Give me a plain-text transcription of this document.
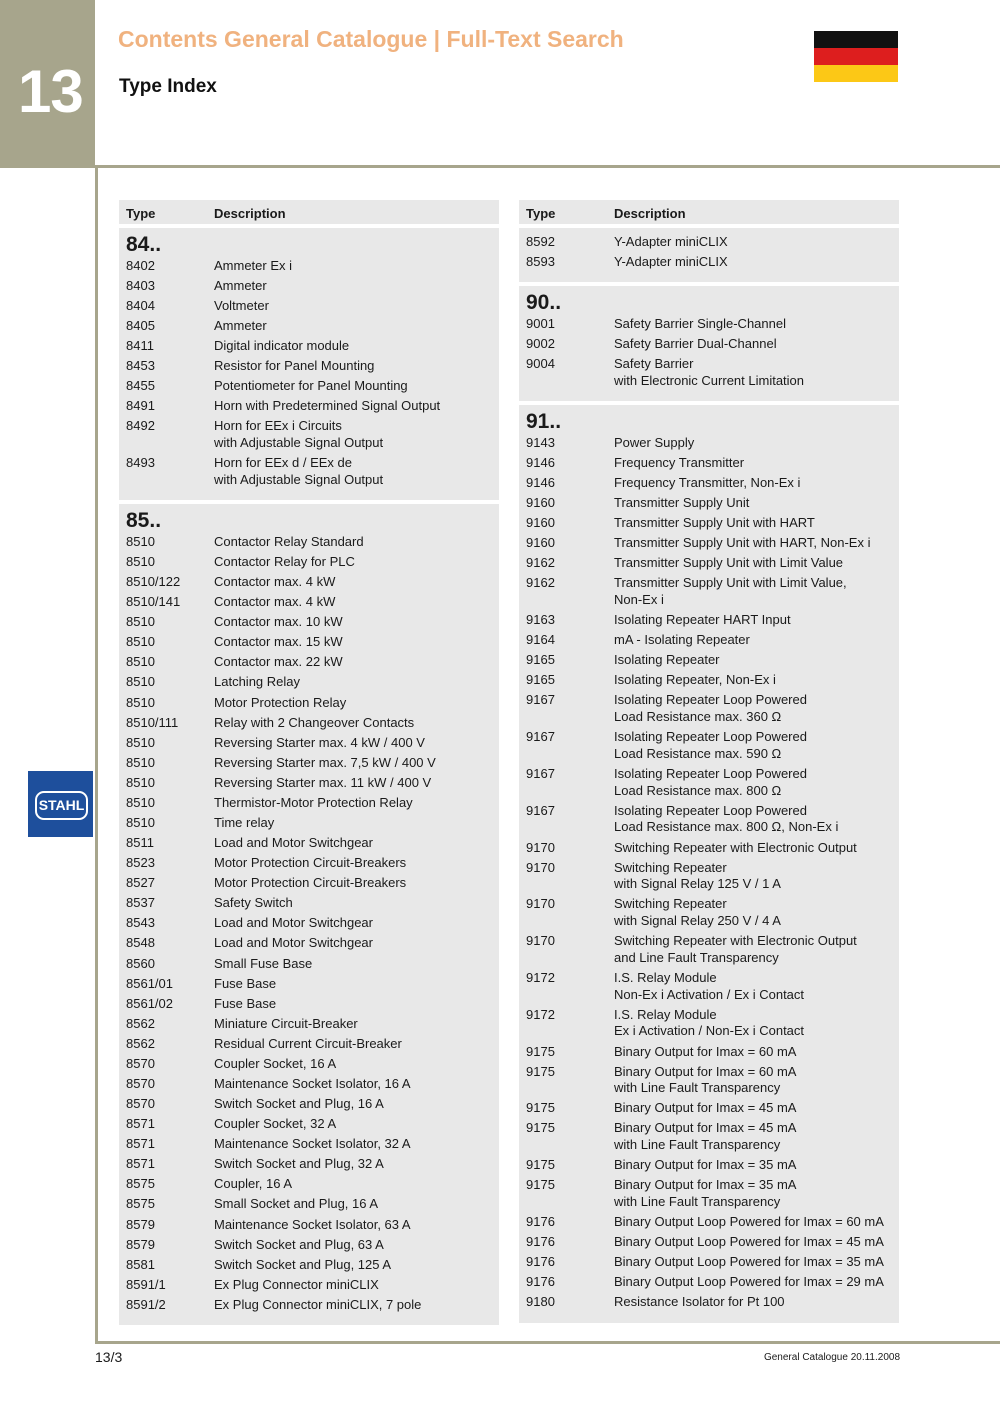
13
Contents General Catalogue | Full-Text Search
Type Index
STAHL
Type	Description
84..
8402	Ammeter Ex i
8403	Ammeter
8404	Voltmeter
8405	Ammeter
8411	Digital indicator module
8453	Resistor for Panel Mounting
8455	Potentiometer for Panel Mounting
8491	Horn with Predetermined Signal Output
8492	Horn for EEx i Circuits
with Adjustable Signal Output
8493	Horn for EEx d / EEx de
with Adjustable Signal Output
85..
8510	Contactor Relay Standard
8510	Contactor Relay for PLC
8510/122	Contactor max. 4 kW
8510/141	Contactor max. 4 kW
8510	Contactor max. 10 kW
8510	Contactor max. 15 kW
8510	Contactor max. 22 kW
8510	Latching Relay
8510	Motor Protection Relay
8510/111	Relay with 2 Changeover Contacts
8510	Reversing Starter max. 4 kW / 400 V
8510	Reversing Starter max. 7,5 kW / 400 V
8510	Reversing Starter max. 11 kW / 400 V
8510	Thermistor-Motor Protection Relay
8510	Time relay
8511	Load and Motor Switchgear
8523	Motor Protection Circuit-Breakers
8527	Motor Protection Circuit-Breakers
8537	Safety Switch
8543	Load and Motor Switchgear
8548	Load and Motor Switchgear
8560	Small Fuse Base
8561/01	Fuse Base
8561/02	Fuse Base
8562	Miniature Circuit-Breaker
8562	Residual Current Circuit-Breaker
8570	Coupler Socket, 16 A
8570	Maintenance Socket Isolator, 16 A
8570	Switch Socket and Plug, 16 A
8571	Coupler Socket, 32 A
8571	Maintenance Socket Isolator, 32 A
8571	Switch Socket and Plug, 32 A
8575	Coupler, 16 A
8575	Small Socket and Plug, 16 A
8579	Maintenance Socket Isolator, 63 A
8579	Switch Socket and Plug, 63 A
8581	Switch Socket and Plug, 125 A
8591/1	Ex Plug Connector miniCLIX
8591/2	Ex Plug Connector miniCLIX, 7 pole
Type	Description
8592	Y-Adapter miniCLIX
8593	Y-Adapter miniCLIX
90..
9001	Safety Barrier Single-Channel
9002	Safety Barrier Dual-Channel
9004	Safety Barrier
with Electronic Current Limitation
91..
9143	Power Supply
9146	Frequency Transmitter
9146	Frequency Transmitter, Non-Ex i
9160	Transmitter Supply Unit
9160	Transmitter Supply Unit with HART
9160	Transmitter Supply Unit with HART, Non-Ex i
9162	Transmitter Supply Unit with Limit Value
9162	Transmitter Supply Unit with Limit Value,
Non-Ex i
9163	Isolating Repeater HART Input
9164	mA - Isolating Repeater
9165	Isolating Repeater
9165	Isolating Repeater, Non-Ex i
9167	Isolating Repeater Loop Powered
Load Resistance max. 360 Ω
9167	Isolating Repeater Loop Powered
Load Resistance max. 590 Ω
9167	Isolating Repeater Loop Powered
Load Resistance max. 800 Ω
9167	Isolating Repeater Loop Powered
Load Resistance max. 800 Ω, Non-Ex i
9170	Switching Repeater with Electronic Output
9170	Switching Repeater
with Signal Relay 125 V / 1 A
9170	Switching Repeater
with Signal Relay 250 V / 4 A
9170	Switching Repeater with Electronic Output
and Line Fault Transparency
9172	I.S. Relay Module
Non-Ex i Activation / Ex i Contact
9172	I.S. Relay Module
Ex i Activation / Non-Ex i Contact
9175	Binary Output for Imax = 60 mA
9175	Binary Output for Imax = 60 mA
with Line Fault Transparency
9175	Binary Output for Imax = 45 mA
9175	Binary Output for Imax = 45 mA
with Line Fault Transparency
9175	Binary Output for Imax = 35 mA
9175	Binary Output for Imax = 35 mA
with Line Fault Transparency
9176	Binary Output Loop Powered for Imax = 60 mA
9176	Binary Output Loop Powered for Imax = 45 mA
9176	Binary Output Loop Powered for Imax = 35 mA
9176	Binary Output Loop Powered for Imax = 29 mA
9180	Resistance Isolator for Pt 100
13/3	General Catalogue 20.11.2008
